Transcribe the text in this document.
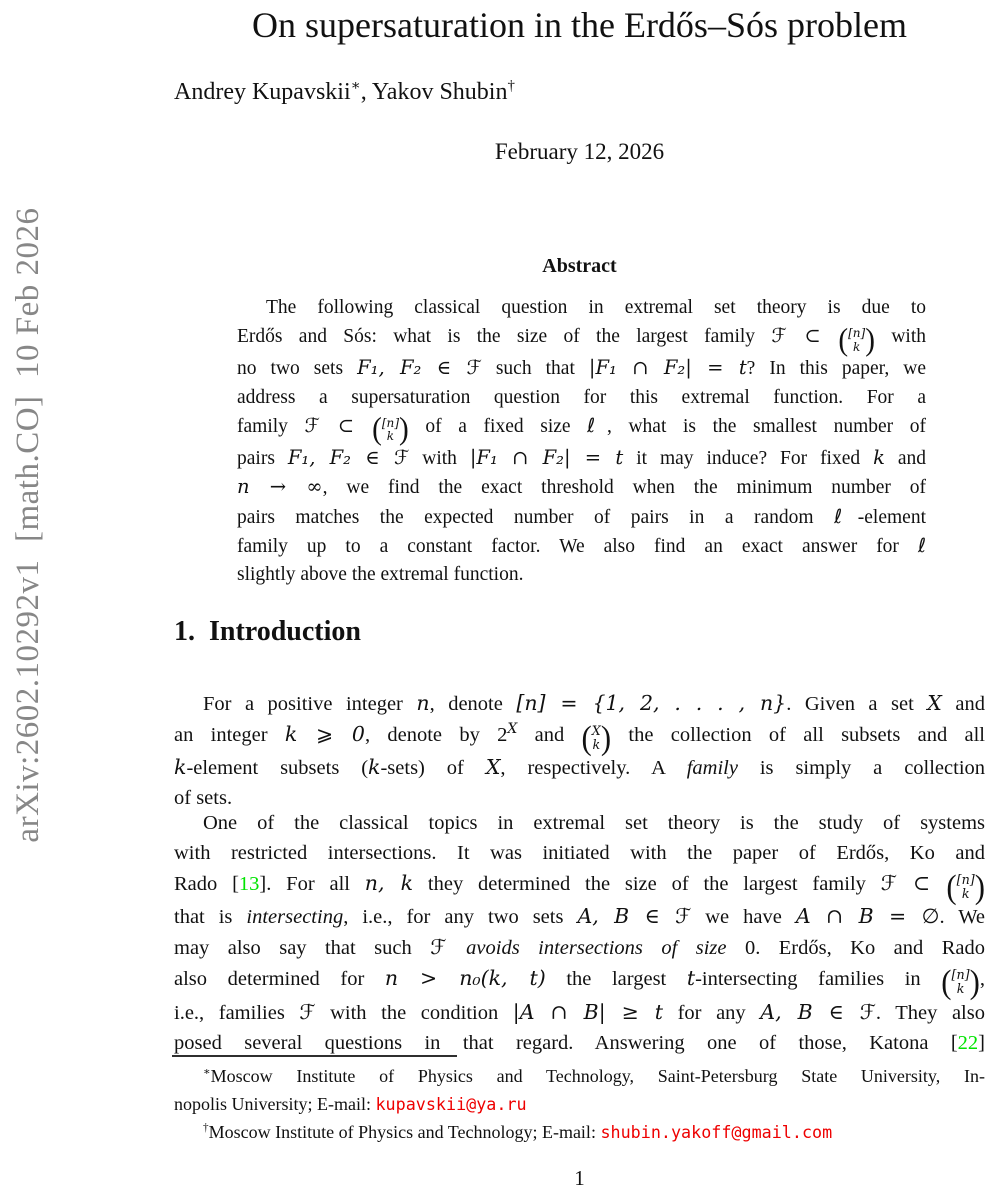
arXiv:2602.10292v1  [math.CO]  10 Feb 2026
On supersaturation in the Erdős–Sós problem
Andrey Kupavskii∗, Yakov Shubin†
February 12, 2026
Abstract
The following classical question in extremal set theory is due to
Erdős and Sós: what is the size of the largest family ℱ ⊂ ( [n]
k ) with
no two sets F₁, F₂ ∈ ℱ such that |F₁ ∩ F₂| = t? In this paper, we
address a supersaturation question for this extremal function. For a
family ℱ ⊂ ( [n]
k ) of a fixed size ℓ, what is the smallest number of
pairs F₁, F₂ ∈ ℱ with |F₁ ∩ F₂| = t it may induce? For fixed k and
n → ∞, we find the exact threshold when the minimum number of
pairs matches the expected number of pairs in a random ℓ-element
family up to a constant factor. We also find an exact answer for ℓ
slightly above the extremal function.
1.  Introduction
For a positive integer n, denote [n] = {1, 2, . . . , n}. Given a set X and
an integer k ⩾ 0, denote by $2^X$ and ( X
k ) the collection of all subsets and all
k-element subsets (k-sets) of X, respectively. A family is simply a collection
of sets.
One of the classical topics in extremal set theory is the study of systems
with restricted intersections. It was initiated with the paper of Erdős, Ko and
Rado [13]. For all n, k they determined the size of the largest family ℱ ⊂ ( [n]
k )
that is intersecting, i.e., for any two sets A, B ∈ ℱ we have A ∩ B = ∅. We
may also say that such ℱ avoids intersections of size 0. Erdős, Ko and Rado
also determined for n > n₀(k, t) the largest t-intersecting families in ( [n]
k ) ,
i.e., families ℱ with the condition |A ∩ B| ≥ t for any A, B ∈ ℱ. They also
posed several questions in that regard. Answering one of those, Katona [22]
∗Moscow Institute of Physics and Technology, Saint-Petersburg State University, In-
nopolis University; E-mail: kupavskii@ya.ru
†Moscow Institute of Physics and Technology; E-mail: shubin.yakoff@gmail.com
1
